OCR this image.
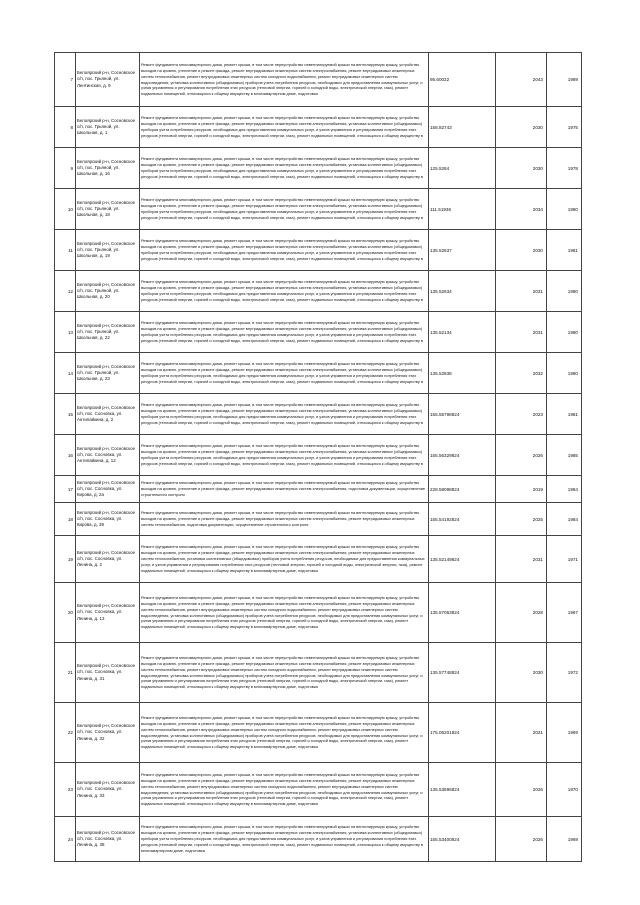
7	Белоярский р-н, Сосновское с/п, пос. Грьяной, ул. Лентинская, д. 9	Ремонт фундамента многоквартирного дома, ремонт крыши, в том числе переустройство невентилируемой крыши на вентилируемую крышу, устройство выходов на кровлю, утепление и ремонт фасада, ремонт внутридомовых инженерных систем электроснабжения, ремонт внутридомовых инженерных систем теплоснабжения, ремонт внутридомовых инженерных систем холодного водоснабжения, ремонт внутридомовых инженерных систем водоотведения, установка коллективных (общедомовых) приборов учета потребления ресурсов, необходимых для предоставления коммунальных услуг, и узлов управления и регулирования потребления этих ресурсов (тепловой энергии, горячей и холодной воды, электрической энергии, газа), ремонт подвальных помещений, относящихся к общему имуществу в многоквартирном доме, подготовка	95.60022	2043	1989
8	Белоярский р-н, Сосновское с/п, пос. Грьяной, ул. Школьная, д. 1	Ремонт фундамента многоквартирного дома, ремонт крыши, в том числе переустройство невентилируемой крыши на вентилируемую крышу, устройство выходов на кровлю, утепление и ремонт фасада, ремонт внутридомовых инженерных систем электроснабжения, установка коллективных (общедомовых) приборов учета потребления ресурсов, необходимых для предоставления коммунальных услуг, и узлов управления и регулирования потребления этих ресурсов (тепловой энергии, горячей и холодной воды, электрической энергии, газа), ремонт подвальных помещений, относящихся к общему имуществу в	158.82743	2030	1975
9	Белоярский р-н, Сосновское с/п, пос. Грьяной, ул. Школьная, д. 16	Ремонт фундамента многоквартирного дома, ремонт крыши, в том числе переустройство невентилируемой крыши на вентилируемую крышу, устройство выходов на кровлю, утепление и ремонт фасада, ремонт внутридомовых инженерных систем электроснабжения, установка коллективных (общедомовых) приборов учета потребления ресурсов, необходимых для предоставления коммунальных услуг, и узлов управления и регулирования потребления этих ресурсов (тепловой энергии, горячей и холодной воды, электрической энергии, газа), ремонт подвальных помещений, относящихся к общему имуществу в	125.5284	2030	1978
10	Белоярский р-н, Сосновское с/п, пос. Грьяной, ул. Школьная, д. 18	Ремонт фундамента многоквартирного дома, ремонт крыши, в том числе переустройство невентилируемой крыши на вентилируемую крышу, устройство выходов на кровлю, утепление и ремонт фасада, ремонт внутридомовых инженерных систем электроснабжения, установка коллективных (общедомовых) приборов учета потребления ресурсов, необходимых для предоставления коммунальных услуг, и узлов управления и регулирования потребления этих ресурсов (тепловой энергии, горячей и холодной воды, электрической энергии, газа), ремонт подвальных помещений, относящихся к общему имуществу в	111.51936	2034	1980
11	Белоярский р-н, Сосновское с/п, пос. Грьяной, ул. Школьная, д. 19	Ремонт фундамента многоквартирного дома, ремонт крыши, в том числе переустройство невентилируемой крыши на вентилируемую крышу, устройство выходов на кровлю, утепление и ремонт фасада, ремонт внутридомовых инженерных систем электроснабжения, установка коллективных (общедомовых) приборов учета потребления ресурсов, необходимых для предоставления коммунальных услуг, и узлов управления и регулирования потребления этих ресурсов (тепловой энергии, горячей и холодной воды, электрической энергии, газа), ремонт подвальных помещений, относящихся к общему имуществу в	135.52637	2030	1981
12	Белоярский р-н, Сосновское с/п, пос. Грьяной, ул. Школьная, д. 20	Ремонт фундамента многоквартирного дома, ремонт крыши, в том числе переустройство невентилируемой крыши на вентилируемую крышу, устройство выходов на кровлю, утепление и ремонт фасада, ремонт внутридомовых инженерных систем электроснабжения, установка коллективных (общедомовых) приборов учета потребления ресурсов, необходимых для предоставления коммунальных услуг, и узлов управления и регулирования потребления этих ресурсов (тепловой энергии, горячей и холодной воды, электрической энергии, газа), ремонт подвальных помещений, относящихся к общему имуществу в	135.52634	2031	1980
13	Белоярский р-н, Сосновское с/п, пос. Грьяной, ул. Школьная, д. 22	Ремонт фундамента многоквартирного дома, ремонт крыши, в том числе переустройство невентилируемой крыши на вентилируемую крышу, устройство выходов на кровлю, утепление и ремонт фасада, ремонт внутридомовых инженерных систем электроснабжения, установка коллективных (общедомовых) приборов учета потребления ресурсов, необходимых для предоставления коммунальных услуг, и узлов управления и регулирования потребления этих ресурсов (тепловой энергии, горячей и холодной воды, электрической энергии, газа), ремонт подвальных помещений, относящихся к общему имуществу в	135.52134	2031	1980
14	Белоярский р-н, Сосновское с/п, пос. Грьяной, ул. Школьная, д. 23	Ремонт фундамента многоквартирного дома, ремонт крыши, в том числе переустройство невентилируемой крыши на вентилируемую крышу, устройство выходов на кровлю, утепление и ремонт фасада, ремонт внутридомовых инженерных систем электроснабжения, установка коллективных (общедомовых) приборов учета потребления ресурсов, необходимых для предоставления коммунальных услуг, и узлов управления и регулирования потребления этих ресурсов (тепловой энергии, горячей и холодной воды, электрической энергии, газа), ремонт подвальных помещений, относящихся к общему имуществу в	135.52838	2032	1980
15	Белоярский р-н, Сосновское с/п, пос. Сосновка, ул. Антипайкина, д. 2	Ремонт фундамента многоквартирного дома, ремонт крыши, в том числе переустройство невентилируемой крыши на вентилируемую крышу, устройство выходов на кровлю, утепление и ремонт фасада, ремонт внутридомовых инженерных систем электроснабжения, установка коллективных (общедомовых) приборов учета потребления ресурсов, необходимых для предоставления коммунальных услуг, и узлов управления и регулирования потребления этих ресурсов (тепловой энергии, горячей и холодной воды, электрической энергии, газа), ремонт подвальных помещений, относящихся к общему имуществу в	155.55798824	2023	1981
16	Белоярский р-н, Сосновское с/п, пос. Сосновка, ул. Антипайкина, д. 12	Ремонт фундамента многоквартирного дома, ремонт крыши, в том числе переустройство невентилируемой крыши на вентилируемую крышу, устройство выходов на кровлю, утепление и ремонт фасада, ремонт внутридомовых инженерных систем электроснабжения, установка коллективных (общедомовых) приборов учета потребления ресурсов, необходимых для предоставления коммунальных услуг, и узлов управления и регулирования потребления этих ресурсов (тепловой энергии, горячей и холодной воды, электрической энергии, газа), ремонт подвальных помещений, относящихся к общему имуществу в	155.56329824	2026	1985
17	Белоярский р-н, Сосновское с/п, пос. Сосновка, ул. Кирова, д. 2а	Ремонт фундамента многоквартирного дома, ремонт крыши, в том числе переустройство невентилируемой крыши на вентилируемую крышу, устройство выходов на кровлю, утепление и ремонт фасада, ремонт внутридомовых инженерных систем электроснабжения, подготовка документации, осуществление строительного контроля	228.58098824	2019	1984
18	Белоярский р-н, Сосновское с/п, пос. Сосновка, ул. Кирова, д. 39	Ремонт фундамента многоквартирного дома, ремонт крыши, в том числе переустройство невентилируемой крыши на вентилируемую крышу, устройство выходов на кровлю, утепление и ремонт фасада, ремонт внутридомовых инженерных систем электроснабжения, ремонт внутридомовых инженерных систем теплоснабжения, подготовка документации, осуществление строительного контроля	155.54192824	2025	1984
19	Белоярский р-н, Сосновское с/п, пос. Сосновка, ул. Ленина, д. 2	Ремонт фундамента многоквартирного дома, ремонт крыши, в том числе переустройство невентилируемой крыши на вентилируемую крышу, устройство выходов на кровлю, утепление и ремонт фасада, ремонт внутридомовых инженерных систем электроснабжения, ремонт внутридомовых инженерных систем теплоснабжения, установка коллективных (общедомовых) приборов учета потребления ресурсов, необходимых для предоставления коммунальных услуг, и узлов управления и регулирования потребления этих ресурсов (тепловой энергии, горячей и холодной воды, электрической энергии, газа), ремонт подвальных помещений, относящихся к общему имуществу в многоквартирном доме, подготовка	135.52149824	2031	1971
20	Белоярский р-н, Сосновское с/п, пос. Сосновка, ул. Ленина, д. 13	Ремонт фундамента многоквартирного дома, ремонт крыши, в том числе переустройство невентилируемой крыши на вентилируемую крышу, устройство выходов на кровлю, утепление и ремонт фасада, ремонт внутридомовых инженерных систем электроснабжения, ремонт внутридомовых инженерных систем теплоснабжения, ремонт внутридомовых инженерных систем холодного водоснабжения, ремонт внутридомовых инженерных систем водоотведения, установка коллективных (общедомовых) приборов учета потребления ресурсов, необходимых для предоставления коммунальных услуг, и узлов управления и регулирования потребления этих ресурсов (тепловой энергии, горячей и холодной воды, электрической энергии, газа), ремонт подвальных помещений, относящихся к общему имуществу в многоквартирном доме, подготовка	135.57063824	2028	1967
21	Белоярский р-н, Сосновское с/п, пос. Сосновка, ул. Ленина, д. 31	Ремонт фундамента многоквартирного дома, ремонт крыши, в том числе переустройство невентилируемой крыши на вентилируемую крышу, устройство выходов на кровлю, утепление и ремонт фасада, ремонт внутридомовых инженерных систем электроснабжения, ремонт внутридомовых инженерных систем теплоснабжения, ремонт внутридомовых инженерных систем холодного водоснабжения, ремонт внутридомовых инженерных систем водоотведения, установка коллективных (общедомовых) приборов учета потребления ресурсов, необходимых для предоставления коммунальных услуг, и узлов управления и регулирования потребления этих ресурсов (тепловой энергии, горячей и холодной воды, электрической энергии, газа), ремонт подвальных помещений, относящихся к общему имуществу в многоквартирном доме, подготовка	135.57748824	2030	1972
22	Белоярский р-н, Сосновское с/п, пос. Сосновка, ул. Ленина, д. 32	Ремонт фундамента многоквартирного дома, ремонт крыши, в том числе переустройство невентилируемой крыши на вентилируемую крышу, устройство выходов на кровлю, утепление и ремонт фасада, ремонт внутридомовых инженерных систем электроснабжения, ремонт внутридомовых инженерных систем теплоснабжения, ремонт внутридомовых инженерных систем холодного водоснабжения, ремонт внутридомовых инженерных систем водоотведения, установка коллективных (общедомовых) приборов учета потребления ресурсов, необходимых для предоставления коммунальных услуг, и узлов управления и регулирования потребления этих ресурсов (тепловой энергии, горячей и холодной воды, электрической энергии, газа), ремонт подвальных помещений, относящихся к общему имуществу в многоквартирном доме, подготовка	175.06201824	2021	1969
23	Белоярский р-н, Сосновское с/п, пос. Сосновка, ул. Ленина, д. 33	Ремонт фундамента многоквартирного дома, ремонт крыши, в том числе переустройство невентилируемой крыши на вентилируемую крышу, устройство выходов на кровлю, утепление и ремонт фасада, ремонт внутридомовых инженерных систем электроснабжения, ремонт внутридомовых инженерных систем теплоснабжения, ремонт внутридомовых инженерных систем холодного водоснабжения, ремонт внутридомовых инженерных систем водоотведения, установка коллективных (общедомовых) приборов учета потребления ресурсов, необходимых для предоставления коммунальных услуг, и узлов управления и регулирования потребления этих ресурсов (тепловой энергии, горячей и холодной воды, электрической энергии, газа), ремонт подвальных помещений, относящихся к общему имуществу в многоквартирном доме, подготовка	135.53596824	2026	1970
24	Белоярский р-н, Сосновское с/п, пос. Сосновка, ул. Ленина, д. 38	Ремонт фундамента многоквартирного дома, ремонт крыши, в том числе переустройство невентилируемой крыши на вентилируемую крышу, устройство выходов на кровлю, утепление и ремонт фасада, ремонт внутридомовых инженерных систем электроснабжения, установка коллективных (общедомовых) приборов учета потребления ресурсов, необходимых для предоставления коммунальных услуг, и узлов управления и регулирования потребления этих ресурсов (тепловой энергии, горячей и холодной воды, электрической энергии, газа), ремонт подвальных помещений, относящихся к общему имуществу в многоквартирном доме, подготовка	155.53400824	2026	1969
